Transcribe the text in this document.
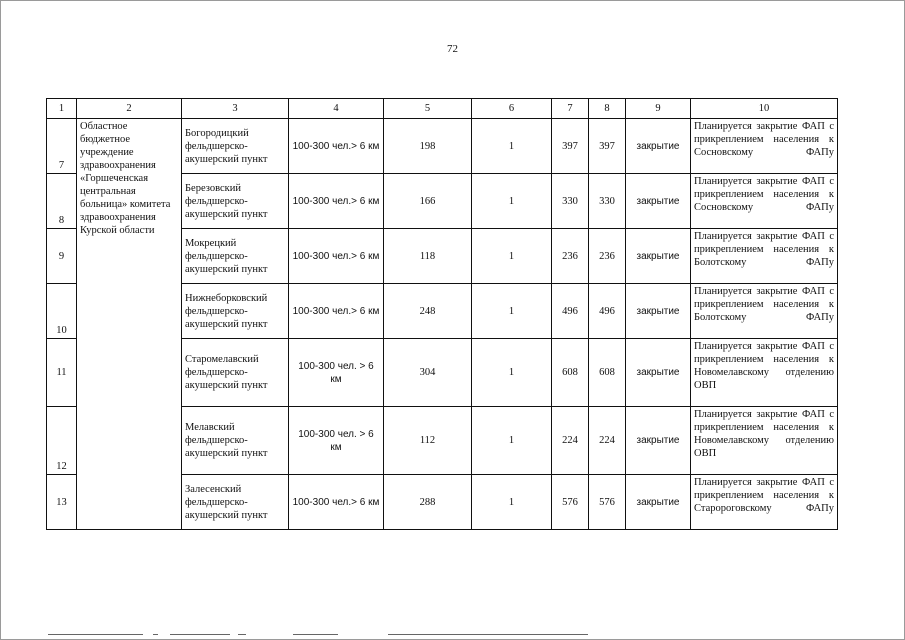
72
1	2	3	4	5	6	7	8	9	10
7	Областное бюджетное учреждение здравоохранения «Горшеченская центральная больница» комитета здравоохранения Курской области	Богородицкий фельдшерско-акушерский пункт	100-300 чел.> 6 км	198	1	397	397	закрытие	Планируется закрытие ФАП с прикреплением населения к Сосновскому ФАПу
8		Березовский фельдшерско-акушерский пункт	100-300 чел.> 6 км	166	1	330	330	закрытие	Планируется закрытие ФАП с прикреплением населения к Сосновскому ФАПу
9		Мокрецкий фельдшерско-акушерский пункт	100-300 чел.> 6 км	118	1	236	236	закрытие	Планируется закрытие ФАП с прикреплением населения к Болотскому ФАПу
10		Нижнеборковский фельдшерско-акушерский пункт	100-300 чел.> 6 км	248	1	496	496	закрытие	Планируется закрытие ФАП с прикреплением населения к Болотскому ФАПу
11		Старомелавский фельдшерско-акушерский пункт	100-300 чел. > 6 км	304	1	608	608	закрытие	Планируется закрытие ФАП с прикреплением населения к Новомелавскому отделению ОВП
12		Мелавский фельдшерско-акушерский пункт	100-300 чел. > 6 км	112	1	224	224	закрытие	Планируется закрытие ФАП с прикреплением населения к Новомелавскому отделению ОВП
13		Залесенский фельдшерско-акушерский пункт	100-300 чел.> 6 км	288	1	576	576	закрытие	Планируется закрытие ФАП с прикреплением населения к Старороговскому ФАПу
